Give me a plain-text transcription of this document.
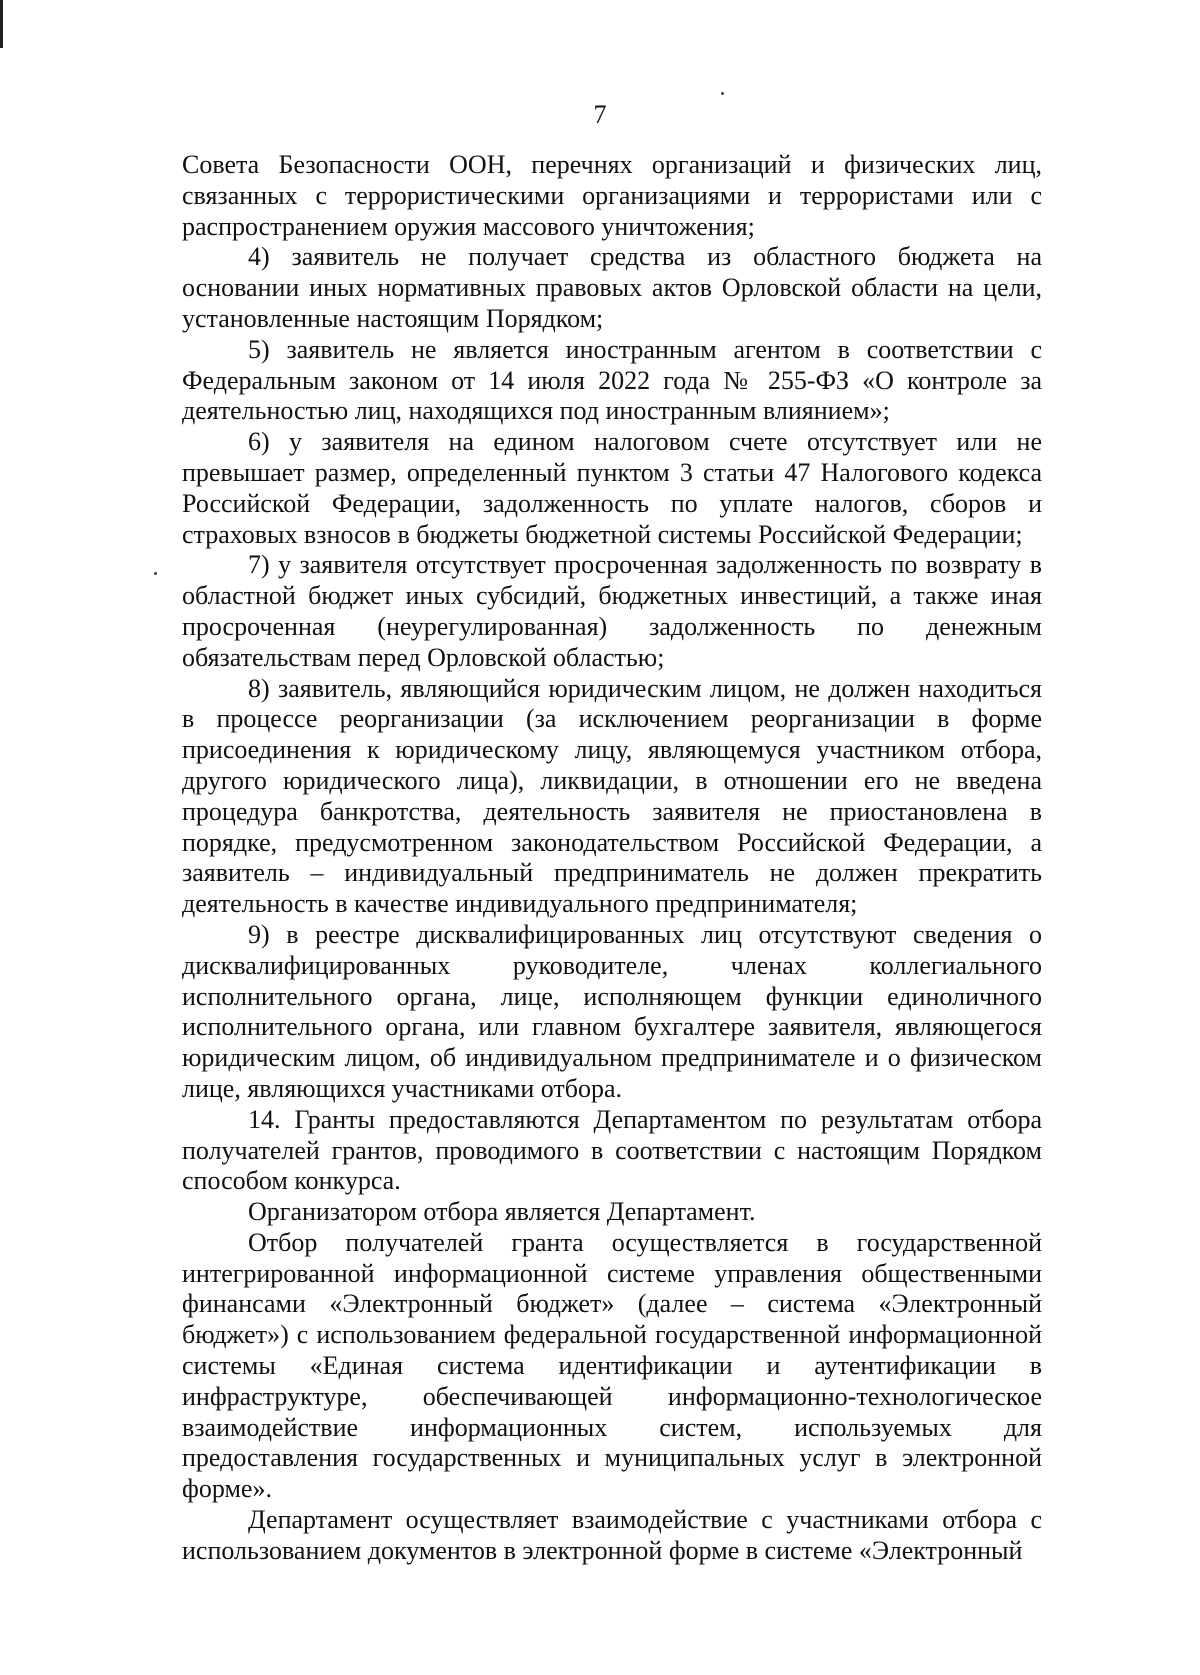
7

Совета Безопасности ООН, перечнях организаций и физических лиц, связанных с террористическими организациями и террористами или с распространением оружия массового уничтожения;

4) заявитель не получает средства из областного бюджета на основании иных нормативных правовых актов Орловской области на цели, установленные настоящим Порядком;

5) заявитель не является иностранным агентом в соответствии с Федеральным законом от 14 июля 2022 года № 255-ФЗ «О контроле за деятельностью лиц, находящихся под иностранным влиянием»;

6) у заявителя на едином налоговом счете отсутствует или не превышает размер, определенный пунктом 3 статьи 47 Налогового кодекса Российской Федерации, задолженность по уплате налогов, сборов и страховых взносов в бюджеты бюджетной системы Российской Федерации;

7) у заявителя отсутствует просроченная задолженность по возврату в областной бюджет иных субсидий, бюджетных инвестиций, а также иная просроченная (неурегулированная) задолженность по денежным обязательствам перед Орловской областью;

8) заявитель, являющийся юридическим лицом, не должен находиться в процессе реорганизации (за исключением реорганизации в форме присоединения к юридическому лицу, являющемуся участником отбора, другого юридического лица), ликвидации, в отношении его не введена процедура банкротства, деятельность заявителя не приостановлена в порядке, предусмотренном законодательством Российской Федерации, а заявитель – индивидуальный предприниматель не должен прекратить деятельность в качестве индивидуального предпринимателя;

9) в реестре дисквалифицированных лиц отсутствуют сведения о дисквалифицированных руководителе, членах коллегиального исполнительного органа, лице, исполняющем функции единоличного исполнительного органа, или главном бухгалтере заявителя, являющегося юридическим лицом, об индивидуальном предпринимателе и о физическом лице, являющихся участниками отбора.

14. Гранты предоставляются Департаментом по результатам отбора получателей грантов, проводимого в соответствии с настоящим Порядком способом конкурса.

Организатором отбора является Департамент.

Отбор получателей гранта осуществляется в государственной интегрированной информационной системе управления общественными финансами «Электронный бюджет» (далее – система «Электронный бюджет») с использованием федеральной государственной информационной системы «Единая система идентификации и аутентификации в инфраструктуре, обеспечивающей информационно-технологическое взаимодействие информационных систем, используемых для предоставления государственных и муниципальных услуг в электронной форме».

Департамент осуществляет взаимодействие с участниками отбора с использованием документов в электронной форме в системе «Электронный
